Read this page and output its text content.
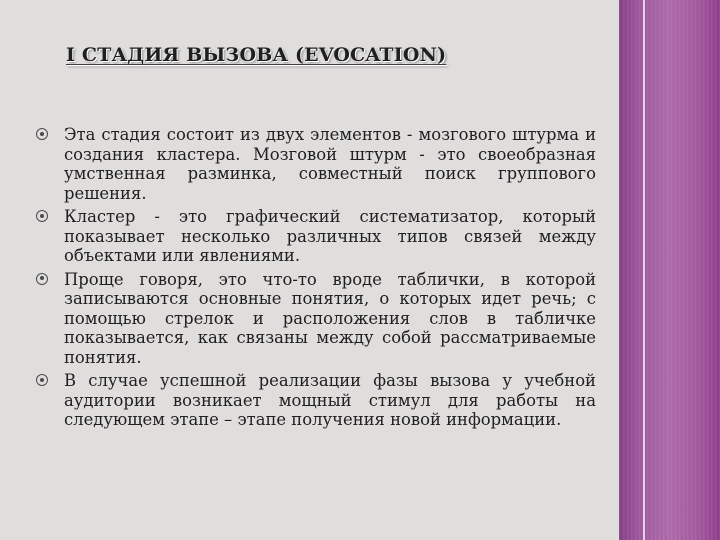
I СТАДИЯ ВЫЗОВА (EVOCATION)
Эта стадия состоит из двух элементов - мозгового штурма и создания кластера. Мозговой штурм - это своеобразная умственная разминка, совместный поиск группового решения.
Кластер - это графический систематизатор, который показывает несколько различных типов связей между объектами или явлениями.
Проще говоря, это что-то вроде таблички, в которой записываются основные понятия, о которых идет речь; с помощью стрелок и расположения слов в табличке показывается, как связаны между собой рассматриваемые понятия.
В случае успешной реализации фазы вызова у учебной аудитории возникает мощный стимул для работы на следующем этапе – этапе получения новой информации.
